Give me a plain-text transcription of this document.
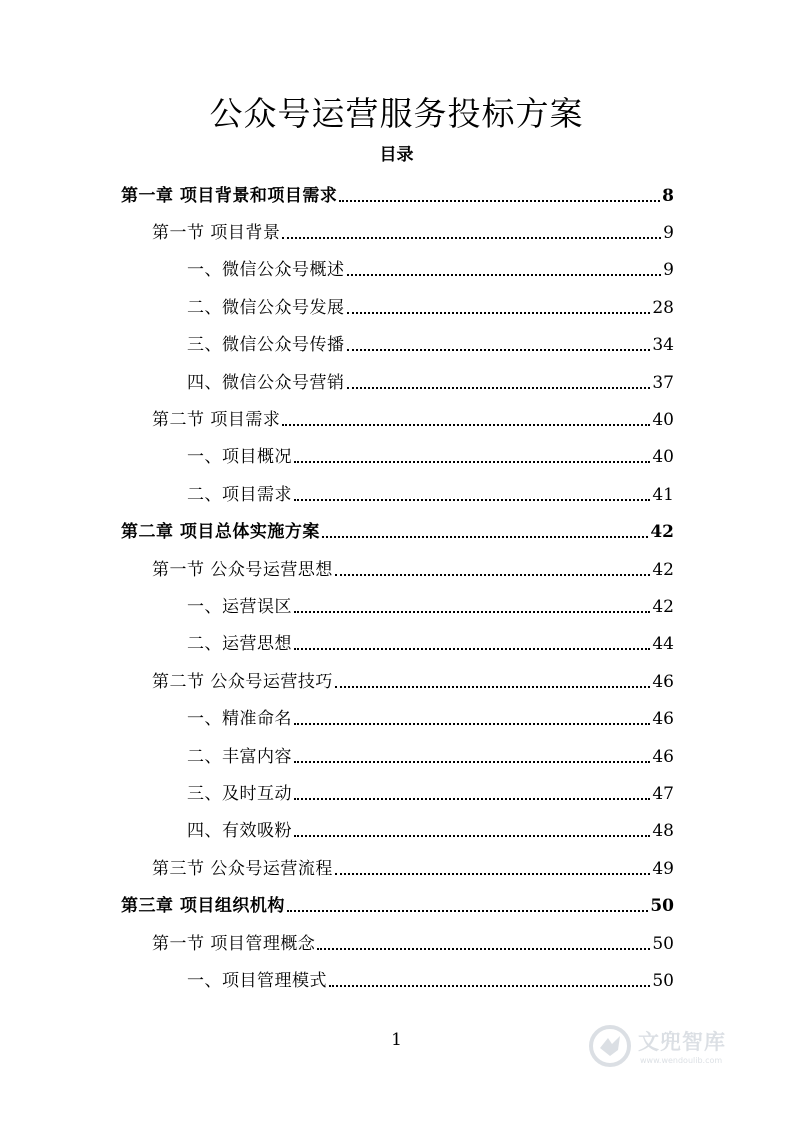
公众号运营服务投标方案
目录
第一章 项目背景和项目需求	8
第一节 项目背景	9
一、微信公众号概述	9
二、微信公众号发展	28
三、微信公众号传播	34
四、微信公众号营销	37
第二节 项目需求	40
一、项目概况	40
二、项目需求	41
第二章 项目总体实施方案	42
第一节 公众号运营思想	42
一、运营误区	42
二、运营思想	44
第二节 公众号运营技巧	46
一、精准命名	46
二、丰富内容	46
三、及时互动	47
四、有效吸粉	48
第三节 公众号运营流程	49
第三章 项目组织机构	50
第一节 项目管理概念	50
一、项目管理模式	50
1	文兜智库
www.wendoulib.com
